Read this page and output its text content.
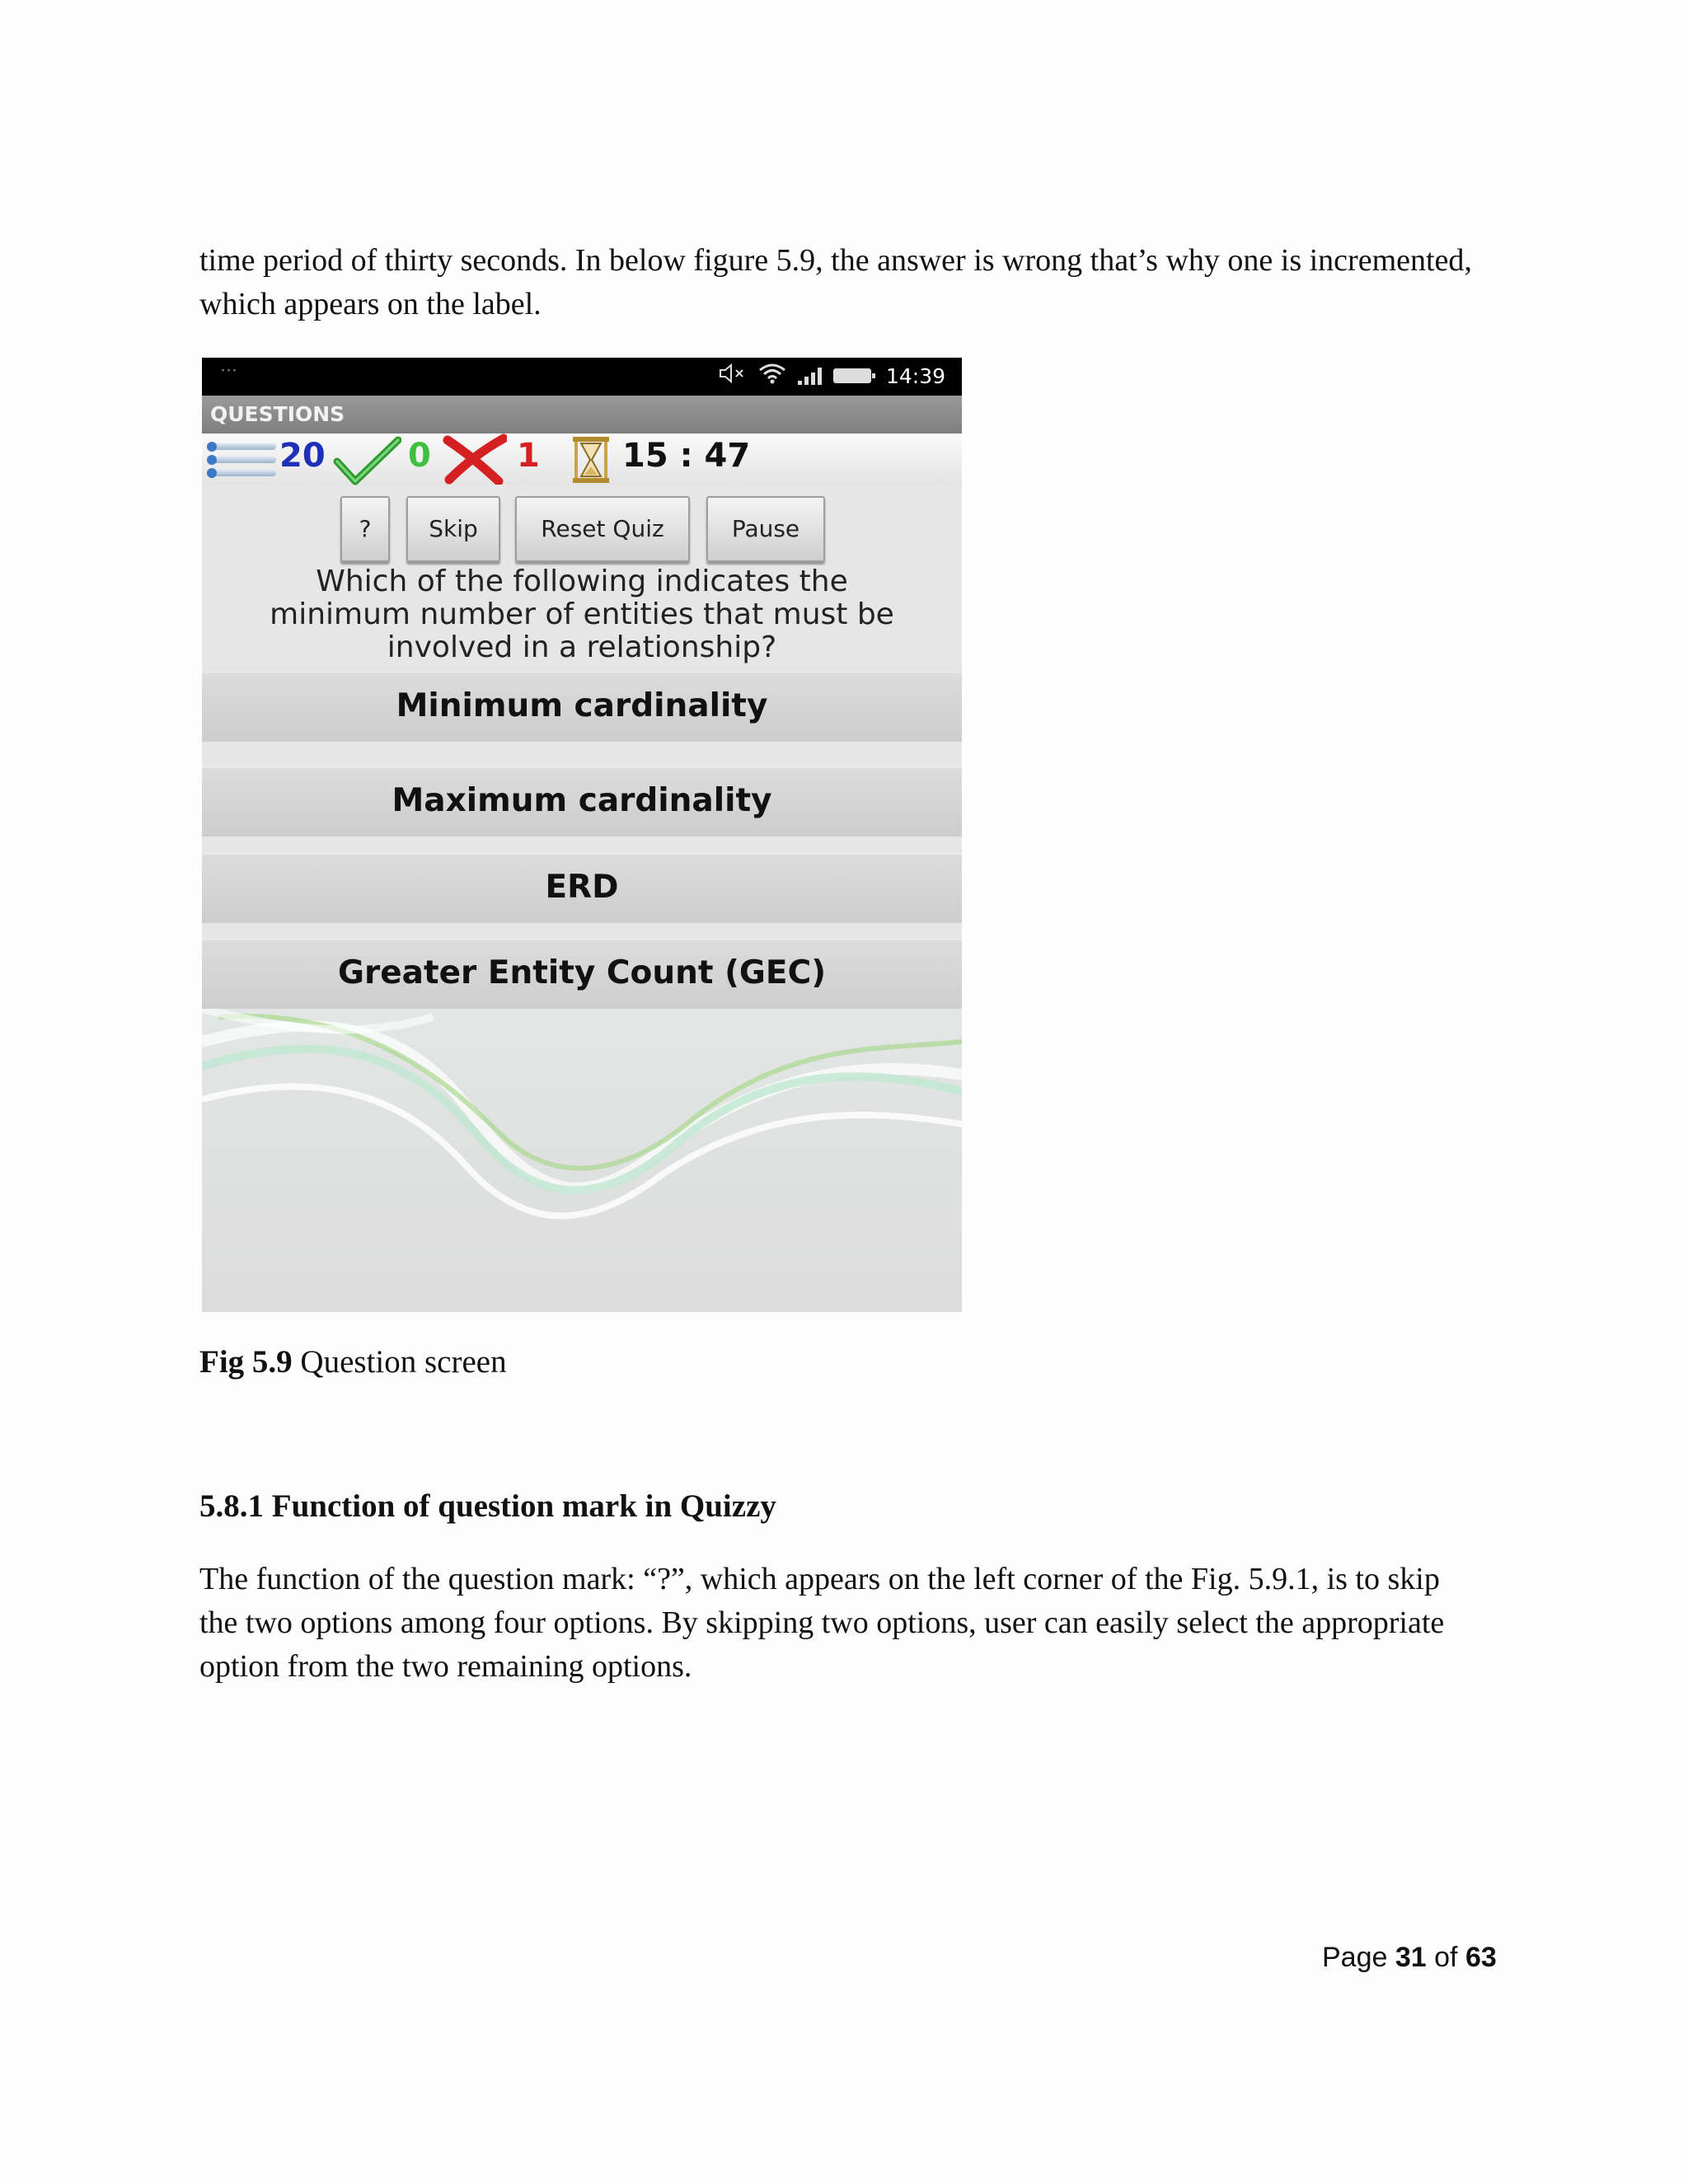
time period of thirty seconds. In below figure 5.9, the answer is wrong that’s why one is incremented, which appears on the label.

···	14:39
QUESTIONS
20	0	1	15 : 47
?	Skip	Reset Quiz	Pause
Which of the following indicates the
minimum number of entities that must be
involved in a relationship?
Minimum cardinality
Maximum cardinality
ERD
Greater Entity Count (GEC)
Fig 5.9 Question screen
5.8.1 Function of question mark in Quizzy

The function of the question mark: “?”, which appears on the left corner of the Fig. 5.9.1, is to skip the two options among four options. By skipping two options, user can easily select the appropriate option from the two remaining options.

Page 31 of 63
